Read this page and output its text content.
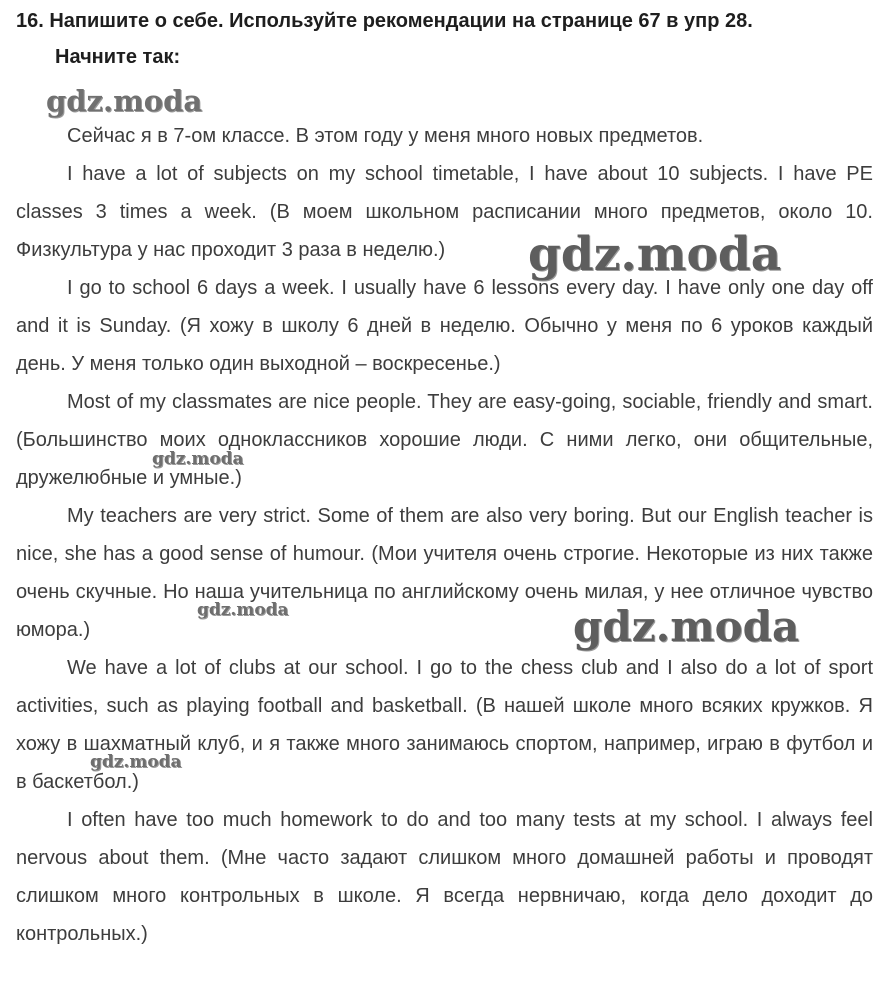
16. Напишите о себе. Используйте рекомендации на странице 67 в упр 28.
Начните так:

Сейчас я в 7-ом классе. В этом году у меня много новых предметов.

I have a lot of subjects on my school timetable, I have about 10 subjects. I have PE classes 3 times a week. (В моем школьном расписании много предметов, около 10. Физкультура у нас проходит 3 раза в неделю.)

I go to school 6 days a week. I usually have 6 lessons every day. I have only one day off and it is Sunday. (Я хожу в школу 6 дней в неделю. Обычно у меня по 6 уроков каждый день. У меня только один выходной – воскресенье.)

Most of my classmates are nice people. They are easy-going, sociable, friendly and smart. (Большинство моих одноклассников хорошие люди. С ними легко, они общительные, дружелюбные и умные.)

My teachers are very strict. Some of them are also very boring. But our English teacher is nice, she has a good sense of humour. (Мои учителя очень строгие. Некоторые из них также очень скучные. Но наша учительница по английскому очень милая, у нее отличное чувство юмора.)

We have a lot of clubs at our school. I go to the chess club and I also do a lot of sport activities, such as playing football and basketball. (В нашей школе много всяких кружков. Я хожу в шахматный клуб, и я также много занимаюсь спортом, например, играю в футбол и в баскетбол.)

I often have too much homework to do and too many tests at my school. I always feel nervous about them. (Мне часто задают слишком много домашней работы и проводят слишком много контрольных в школе. Я всегда нервничаю, когда дело доходит до контрольных.)

gdz.moda
gdz.moda
gdz.moda
gdz.moda	gdz.moda
gdz.moda
